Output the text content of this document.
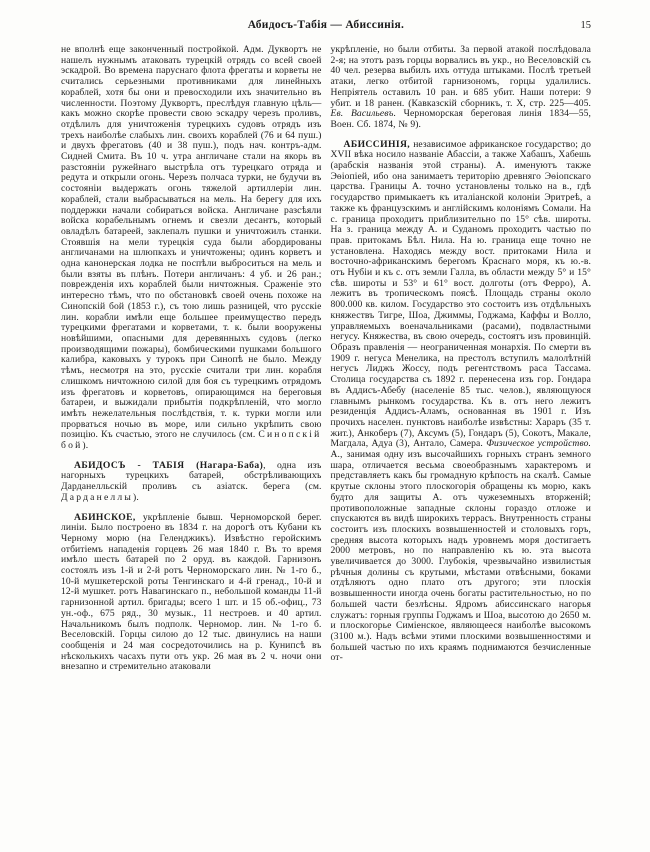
Абидосъ-Табія — Абиссинія.	15

не вполнѣ еще законченный постройкой. Адм. Дуквортъ не нашелъ нужнымъ атаковать турецкій отрядъ со всей своей эскадрой. Во времена паруснаго флота фрегаты и корветы не считались серьезными противниками для линейныхъ кораблей, хотя бы они и превосходили ихъ значительно въ численности. Поэтому Дуквортъ, преслѣдуя главную цѣль—какъ можно скорѣе провести свою эскадру черезъ проливъ, отдѣлилъ для уничтоженія турецкихъ судовъ отрядъ изъ трехъ наиболѣе слабыхъ лин. своихъ кораблей (76 и 64 пуш.) и двухъ фрегатовъ (40 и 38 пуш.), подъ нач. контръ-адм. Сидней Смита. Въ 10 ч. утра англичане стали на якорь въ разстояніи ружейнаго выстрѣла отъ турецкаго отряда и редута и открыли огонь. Черезъ полчаса турки, не будучи въ состояніи выдержать огонь тяжелой артиллеріи лин. кораблей, стали выбрасываться на мель. На берегу для ихъ поддержки начали собираться войска. Англичане разсѣяли войска корабельнымъ огнемъ и свезли десантъ, который овладѣлъ батареей, заклепалъ пушки и уничтожилъ станки. Стоявшія на мели турецкія суда были абордированы англичанами на шлюпкахъ и уничтожены; одинъ корветъ и одна канонерская лодка не поспѣли выброситься на мель и были взяты въ плѣнъ. Потери англичанъ: 4 уб. и 26 ран.; поврежденія ихъ кораблей были ничтожныя. Сраженіе это интересно тѣмъ, что по обстановкѣ своей очень похоже на Синопскій бой (1853 г.), съ тою лишь разницей, что русскіе лин. корабли имѣли еще большее преимущество передъ турецкими фрегатами и корветами, т. к. были вооружены новѣйшими, опасными для деревянныхъ судовъ (легко производящими пожары), бомбическими пушками большого калибра, каковыхъ у турокъ при Синопѣ не было. Между тѣмъ, несмотря на это, русскіе считали три лин. корабля слишкомъ ничтожною силой для боя съ турецкимъ отрядомъ изъ фрегатовъ и корветовъ, опирающимся на береговыя батареи, и выжидали прибытія подкрѣпленій, что могло имѣть нежелательныя послѣдствія, т. к. турки могли или прорваться ночью въ море, или сильно укрѣпить свою позицію. Къ счастью, этого не случилось (см. Синопскій бой).

АБИДОСЪ - ТАБІЯ (Нагара-Баба), одна изъ нагорныхъ турецкихъ батарей, обстрѣливающихъ Дарданелльскій проливъ съ азіатск. берега (см. Дарданеллы).

АБИНСКОЕ, укрѣпленіе бывш. Черноморской берег. линіи. Было построено въ 1834 г. на дорогѣ отъ Кубани къ Черному морю (на Геленджикъ). Извѣстно геройскимъ отбитіемъ нападенія горцевъ 26 мая 1840 г. Въ то время имѣло шесть батарей по 2 оруд. въ каждой. Гарнизонъ состоялъ изъ 1-й и 2-й ротъ Черноморскаго лин. № 1-го б., 10-й мушкетерской роты Тенгинскаго и 4-й гренад., 10-й и 12-й мушкет. ротъ Навагинскаго п., небольшой команды 11-й гарнизонной артил. бригады; всего 1 шт. и 15 об.-офиц., 73 ун.-оф., 675 ряд., 30 музык., 11 нестроев. и 40 артил. Начальникомъ былъ подполк. Черномор. лин. № 1-го б. Веселовскій. Горцы силою до 12 тыс. двинулись на наши сообщенія и 24 мая сосредоточились на р. Кунипсѣ въ нѣсколькихъ часахъ пути отъ укр. 26 мая въ 2 ч. ночи они внезапно и стремительно атаковали

укрѣпленіе, но были отбиты. За первой атакой послѣдовала 2-я; на этотъ разъ горцы ворвались въ укр., но Веселовскій съ 40 чел. резерва выбилъ ихъ оттуда штыками. Послѣ третьей атаки, легко отбитой гарнизономъ, горцы удалились. Непріятель оставилъ 10 ран. и 685 убит. Наши потери: 9 убит. и 18 ранен. (Кавказскій сборникъ, т. X, стр. 225—405. Ев. Васильевъ. Черноморская береговая линія 1834—55, Воен. Сб. 1874, № 9).

АБИССИНІЯ, независимое африканское государство; до XVII вѣка носило названіе Абассіи, а также Хабашъ, Хабешь (арабскія названія этой страны). А. именуютъ также Эѳіопіей, ибо она занимаетъ територію древняго Эѳіопскаго царства. Границы А. точно установлены только на в., гдѣ государство примыкаетъ къ италіанской колоніи Эритреѣ, а также къ французскимъ и англійскимъ колоніямъ Сомали. На с. граница проходитъ приблизительно по 15° сѣв. широты. На з. граница между А. и Суданомъ проходитъ частью по прав. притокамъ Бѣл. Нила. На ю. граница еще точно не установлена. Находясь между вост. притоками Нила и восточно-африканскимъ берегомъ Краснаго моря, къ ю.-в. отъ Нубіи и къ с. отъ земли Галла, въ области между 5° и 15° сѣв. широты и 53° и 61° вост. долготы (отъ Ферро), А. лежитъ въ тропическомъ поясѣ. Площадь страны около 800.000 кв. килом. Государство это состоитъ изъ отдѣльныхъ княжествъ Тигре, Шоа, Джиммы, Годжама, Каффы и Волло, управляемыхъ военачальниками (расами), подвластными негусу. Княжества, въ свою очередь, состоятъ изъ провинцій. Образъ правленія — неограниченная монархія. По смерти въ 1909 г. негуса Менелика, на престолъ вступилъ малолѣтній негусъ Лиджъ Жоссу, подъ регентствомъ раса Тассама. Столица государства съ 1892 г. перенесена изъ гор. Гондара въ Аддисъ-Абебу (населеніе 85 тыс. челов.), являющуюся главнымъ рынкомъ государства. Къ в. отъ него лежитъ резиденція Аддисъ-Аламъ, основанная въ 1901 г. Изъ прочихъ населен. пунктовъ наиболѣе извѣстны: Хараръ (35 т. жит.), Анкоберъ (7), Аксумъ (5), Гондаръ (5), Сокотъ, Макале, Магдала, Адуа (3), Антало, Самера. Физическое устройство. А., занимая одну изъ высочайшихъ горныхъ странъ земного шара, отличается весьма своеобразнымъ характеромъ и представляетъ какъ бы громадную крѣпость на скалѣ. Самые крутые склоны этого плоскогорія обращены къ морю, какъ будто для защиты А. отъ чужеземныхъ вторженій; противоположные западные склоны гораздо отложе и спускаются въ видѣ широкихъ террасъ. Внутренность страны состоитъ изъ плоскихъ возвышенностей и столовыхъ горъ, средняя высота которыхъ надъ уровнемъ моря достигаетъ 2000 метровъ, но по направленію къ ю. эта высота увеличивается до 3000. Глубокія, чрезвычайно извилистыя рѣчныя долины съ крутыми, мѣстами отвѣсными, боками отдѣляютъ одно плато отъ другого; эти плоскія возвышенности иногда очень богаты растительностью, но по большей части безлѣсны. Ядромъ абиссинскаго нагорья служатъ: горныя группы Годжамъ и Шоа, высотою до 2650 м. и плоскогорье Симіенское, являющееся наиболѣе высокомъ (3100 м.). Надъ всѣми этими плоскими возвышенностями и большей частью по ихъ краямъ поднимаются безчисленные от-
